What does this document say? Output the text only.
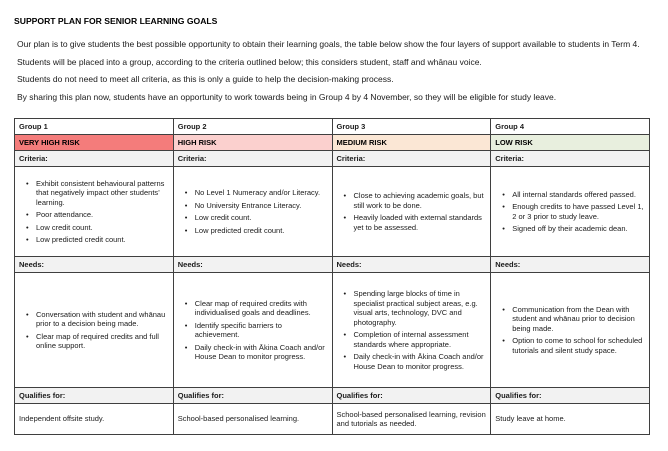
SUPPORT PLAN FOR SENIOR LEARNING GOALS

Our plan is to give students the best possible opportunity to obtain their learning goals, the table below show the four layers of support available to students in Term 4.

Students will be placed into a group, according to the criteria outlined below; this considers student, staff and whānau voice.

Students do not need to meet all criteria, as this is only a guide to help the decision-making process.

By sharing this plan now, students have an opportunity to work towards being in Group 4 by 4 November, so they will be eligible for study leave.

Group 1	Group 2	Group 3	Group 4
VERY HIGH RISK	HIGH RISK	MEDIUM RISK	LOW RISK
Criteria:	Criteria:	Criteria:	Criteria:

• Exhibit consistent behavioural patterns that negatively impact other students’ learning.
• Poor attendance.
• Low credit count.
• Low predicted credit count.

• No Level 1 Numeracy and/or Literacy.
• No University Entrance Literacy.
• Low credit count.
• Low predicted credit count.

• Close to achieving academic goals, but still work to be done.
• Heavily loaded with external standards yet to be assessed.

• All internal standards offered passed.
• Enough credits to have passed Level 1, 2 or 3 prior to study leave.
• Signed off by their academic dean.

Needs:	Needs:	Needs:	Needs:

• Conversation with student and whānau prior to a decision being made.
• Clear map of required credits and full online support.

• Clear map of required credits with individualised goals and deadlines.
• Identify specific barriers to achievement.
• Daily check-in with Ākina Coach and/or House Dean to monitor progress.

• Spending large blocks of time in specialist practical subject areas, e.g. visual arts, technology, DVC and photography.
• Completion of internal assessment standards where appropriate.
• Daily check-in with Ākina Coach and/or House Dean to monitor progress.

• Communication from the Dean with student and whānau prior to decision being made.
• Option to come to school for scheduled tutorials and silent study space.

Qualifies for:	Qualifies for:	Qualifies for:	Qualifies for:
Independent offsite study.	School-based personalised learning.	School-based personalised learning, revision and tutorials as needed.	Study leave at home.
